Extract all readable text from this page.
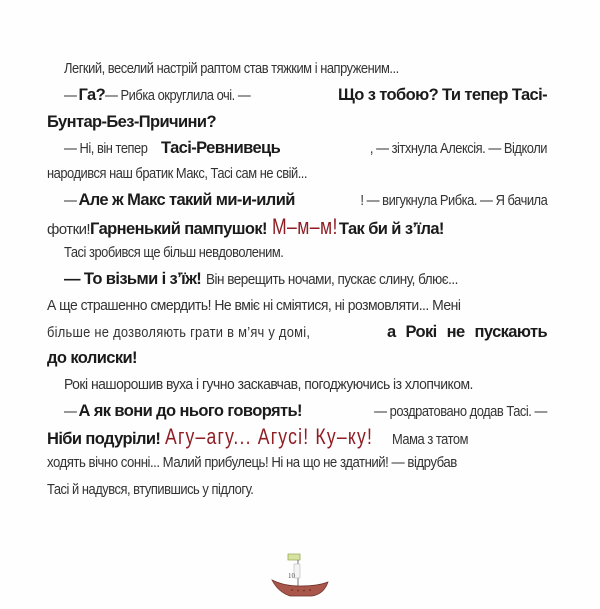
Легкий, веселий настрій раптом став тяжким і напруженим...
—Га?— Рибка округлила очі. —	Що з тобою? Ти тепер Тасі-
Бунтар-Без-Причини?
— Ні, він теперТасі-Ревнивець	, — зітхнула Алексія. — Відколи
народився наш братик Макс, Тасі сам не свій...
—Але ж Макс такий ми-и-илий	! — вигукнула Рибка. — Я бачила
фотки! Гарненький пампушок! М–м–м! Так би й з’їла!
Тасі зробився ще більш невдоволеним.
— То візьми і з’їж! Він верещить ночами, пускає слину, блює...
А ще страшенно смердить! Не вміє ні сміятися, ні розмовляти... Мені
більше не дозволяють грати в м’яч у домі,	а Рокі не пускають
до колиски!
Рокі нашорошив вуха і гучно заскавчав, погоджуючись із хлопчиком.
—А як вони до нього говорять!	— роздратовано додав Тасі. —
Ніби подуріли! Агу–агу... Агусі! Ку–ку! Мама з татом
ходять вічно сонні... Малий прибулець! Ні на що не здатний! — відрубав
Тасі й надувся, втупившись у підлогу.
10
